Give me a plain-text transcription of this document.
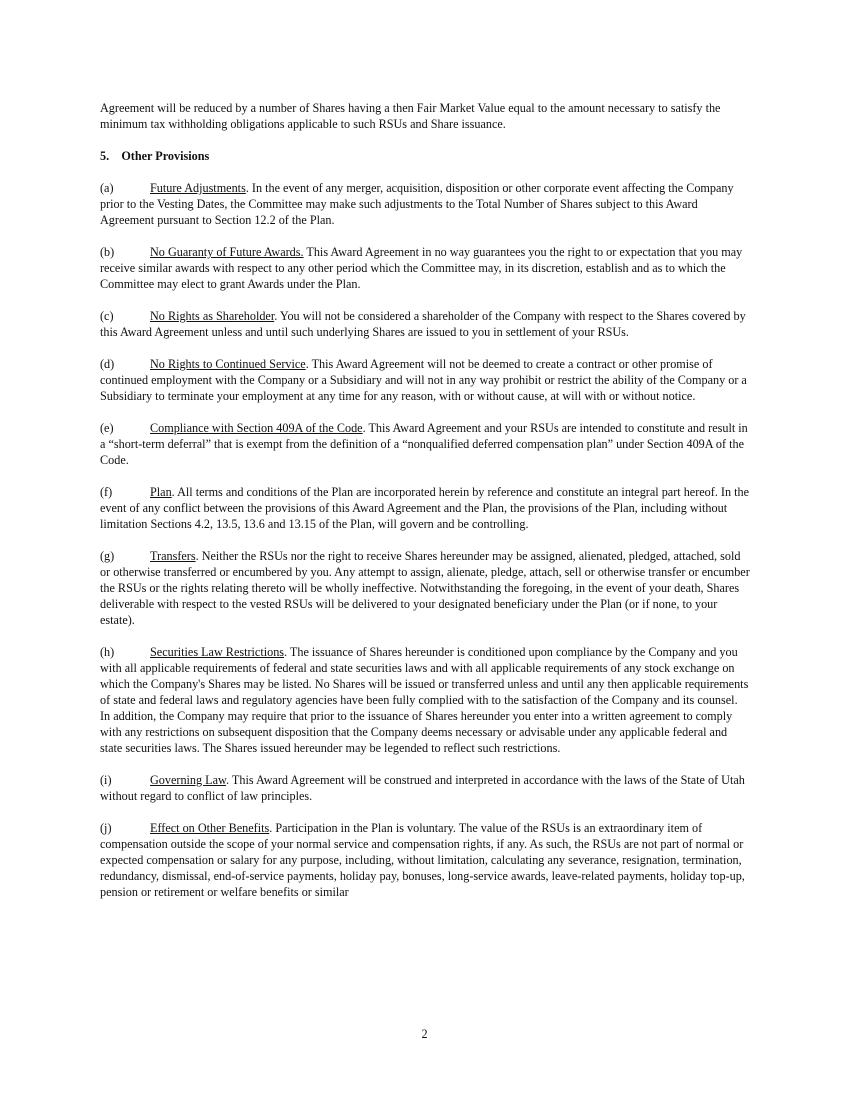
Agreement will be reduced by a number of Shares having a then Fair Market Value equal to the amount necessary to satisfy the minimum tax withholding obligations applicable to such RSUs and Share issuance.

5.    Other Provisions

(a)	Future Adjustments. In the event of any merger, acquisition, disposition or other corporate event affecting the Company prior to the Vesting Dates, the Committee may make such adjustments to the Total Number of Shares subject to this Award Agreement pursuant to Section 12.2 of the Plan.

(b)	No Guaranty of Future Awards. This Award Agreement in no way guarantees you the right to or expectation that you may receive similar awards with respect to any other period which the Committee may, in its discretion, establish and as to which the Committee may elect to grant Awards under the Plan.

(c)	No Rights as Shareholder. You will not be considered a shareholder of the Company with respect to the Shares covered by this Award Agreement unless and until such underlying Shares are issued to you in settlement of your RSUs.

(d)	No Rights to Continued Service. This Award Agreement will not be deemed to create a contract or other promise of continued employment with the Company or a Subsidiary and will not in any way prohibit or restrict the ability of the Company or a Subsidiary to terminate your employment at any time for any reason, with or without cause, at will with or without notice.

(e)	Compliance with Section 409A of the Code. This Award Agreement and your RSUs are intended to constitute and result in a “short-term deferral” that is exempt from the definition of a “nonqualified deferred compensation plan” under Section 409A of the Code.

(f)	Plan. All terms and conditions of the Plan are incorporated herein by reference and constitute an integral part hereof. In the event of any conflict between the provisions of this Award Agreement and the Plan, the provisions of the Plan, including without limitation Sections 4.2, 13.5, 13.6 and 13.15 of the Plan, will govern and be controlling.

(g)	Transfers. Neither the RSUs nor the right to receive Shares hereunder may be assigned, alienated, pledged, attached, sold or otherwise transferred or encumbered by you. Any attempt to assign, alienate, pledge, attach, sell or otherwise transfer or encumber the RSUs or the rights relating thereto will be wholly ineffective. Notwithstanding the foregoing, in the event of your death, Shares deliverable with respect to the vested RSUs will be delivered to your designated beneficiary under the Plan (or if none, to your estate).

(h)	Securities Law Restrictions. The issuance of Shares hereunder is conditioned upon compliance by the Company and you with all applicable requirements of federal and state securities laws and with all applicable requirements of any stock exchange on which the Company's Shares may be listed. No Shares will be issued or transferred unless and until any then applicable requirements of state and federal laws and regulatory agencies have been fully complied with to the satisfaction of the Company and its counsel. In addition, the Company may require that prior to the issuance of Shares hereunder you enter into a written agreement to comply with any restrictions on subsequent disposition that the Company deems necessary or advisable under any applicable federal and state securities laws. The Shares issued hereunder may be legended to reflect such restrictions.

(i)	Governing Law. This Award Agreement will be construed and interpreted in accordance with the laws of the State of Utah without regard to conflict of law principles.

(j)	Effect on Other Benefits. Participation in the Plan is voluntary. The value of the RSUs is an extraordinary item of compensation outside the scope of your normal service and compensation rights, if any. As such, the RSUs are not part of normal or expected compensation or salary for any purpose, including, without limitation, calculating any severance, resignation, termination, redundancy, dismissal, end-of-service payments, holiday pay, bonuses, long-service awards, leave-related payments, holiday top-up, pension or retirement or welfare benefits or similar

2
